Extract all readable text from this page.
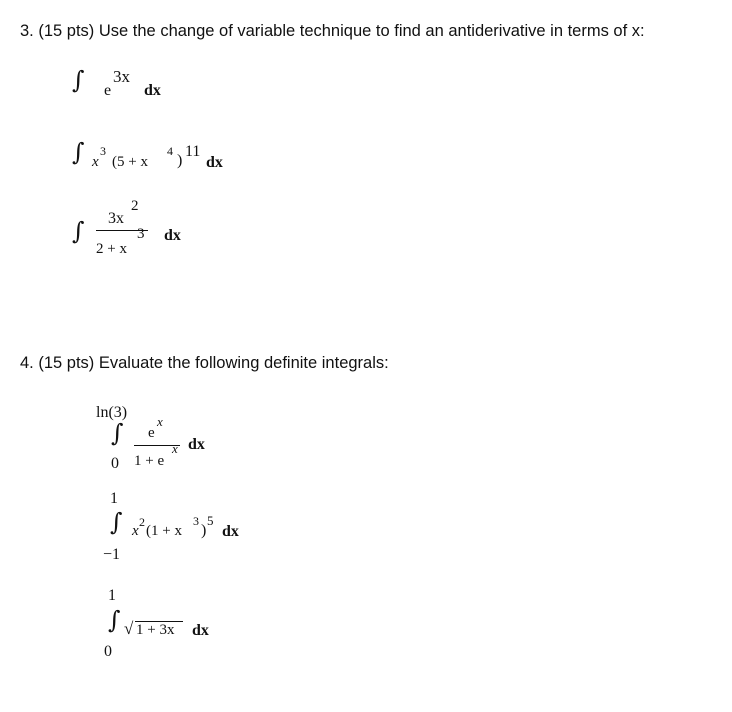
3. (15 pts) Use the change of variable technique to find an antiderivative in terms of x:
∫ e
3x
dx
∫ x
3
(5 + x
4
)
11
dx
∫ 3x
2
2 + x
3 dx
4. (15 pts) Evaluate the following definite integrals:
ln(3)
∫
0
e
x
1 + e
x dx
1
∫
−1
x
2
(1 + x
3
)
5
dx
1
∫
0
√ 1 + 3x dx
